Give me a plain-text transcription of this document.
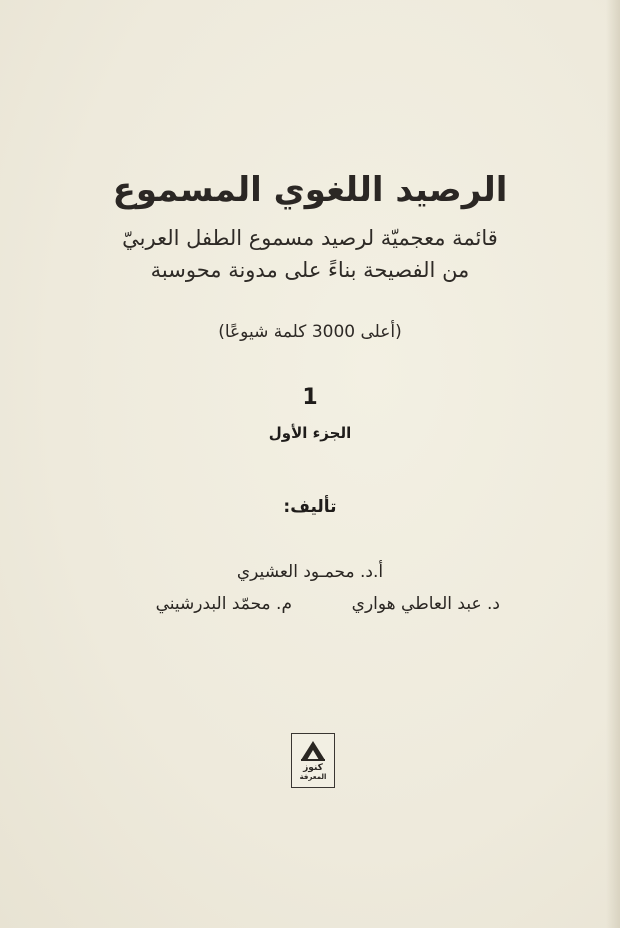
الرصيد اللغوي المسموع
قائمة معجميّة لرصيد مسموع الطفل العربيّ
من الفصيحة بناءً على مدونة محوسبة
(أعلى 3000 كلمة شيوعًا)
1
الجزء الأول
تأليف:
أ.د. محمـود العشيري
د. عبد العاطي هواري
م. محمّد البدرشيني
كنوز
المعرفة
